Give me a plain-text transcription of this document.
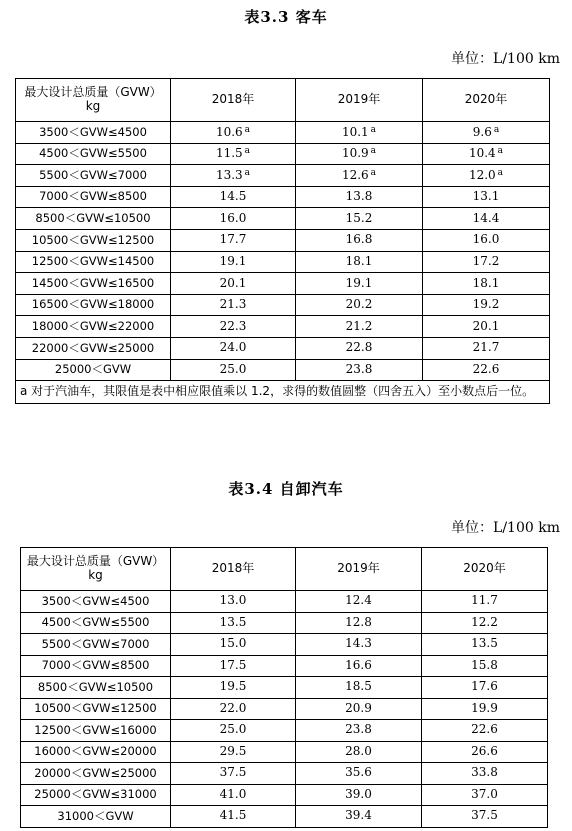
表3.3 客车
单位：L/100 km
最大设计总质量（GVW）
kg	2018年	2019年	2020年
3500＜GVW≤4500	10.6 $^a$	10.1 $^a$	9.6 $^a$
4500＜GVW≤5500	11.5 $^a$	10.9 $^a$	10.4 $^a$
5500＜GVW≤7000	13.3 $^a$	12.6 $^a$	12.0 $^a$
7000＜GVW≤8500	14.5	13.8	13.1
8500＜GVW≤10500	16.0	15.2	14.4
10500＜GVW≤12500	17.7	16.8	16.0
12500＜GVW≤14500	19.1	18.1	17.2
14500＜GVW≤16500	20.1	19.1	18.1
16500＜GVW≤18000	21.3	20.2	19.2
18000＜GVW≤22000	22.3	21.2	20.1
22000＜GVW≤25000	24.0	22.8	21.7
25000＜GVW	25.0	23.8	22.6
a 对于汽油车，其限值是表中相应限值乘以 1.2，求得的数值圆整（四舍五入）至小数点后一位。			
表3.4 自卸汽车
单位：L/100 km
最大设计总质量（GVW）
kg	2018年	2019年	2020年
3500＜GVW≤4500	13.0	12.4	11.7
4500＜GVW≤5500	13.5	12.8	12.2
5500＜GVW≤7000	15.0	14.3	13.5
7000＜GVW≤8500	17.5	16.6	15.8
8500＜GVW≤10500	19.5	18.5	17.6
10500＜GVW≤12500	22.0	20.9	19.9
12500＜GVW≤16000	25.0	23.8	22.6
16000＜GVW≤20000	29.5	28.0	26.6
20000＜GVW≤25000	37.5	35.6	33.8
25000＜GVW≤31000	41.0	39.0	37.0
31000＜GVW	41.5	39.4	37.5
